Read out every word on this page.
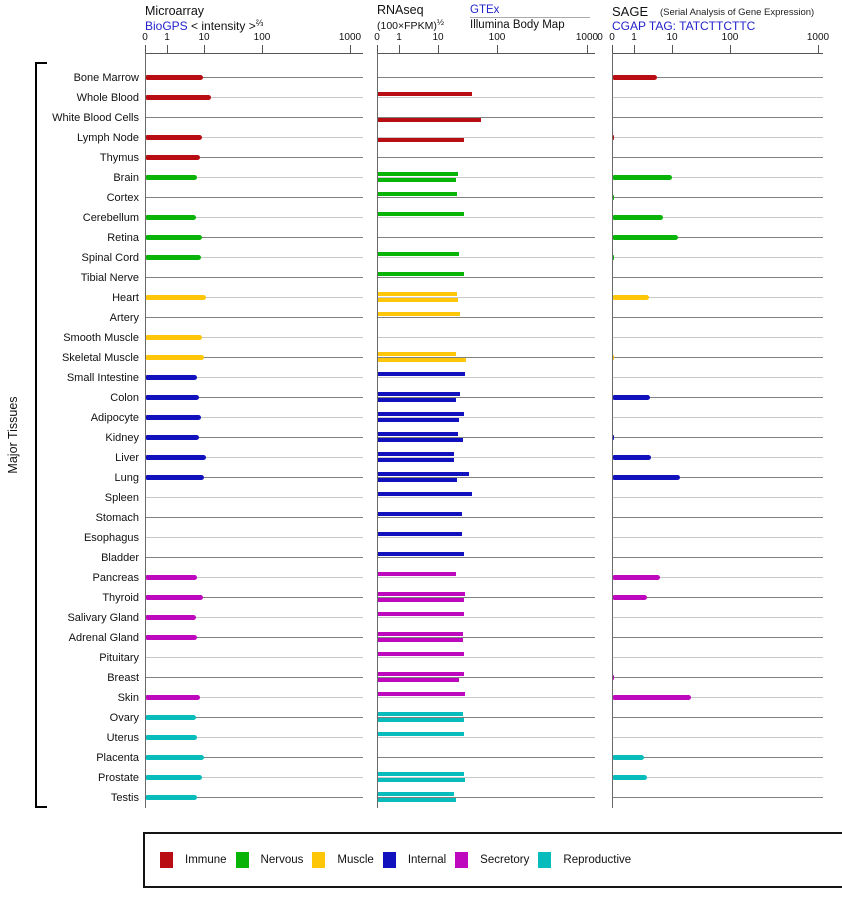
Microarray
BioGPS < intensity >$^{\frac{2}{3}}$
RNAseq
(100×FPKM)$^{\frac{1}{2}}$
GTEx
Illumina Body Map
SAGE (Serial Analysis of Gene Expression)
CGAP TAG: TATCTTCTTC
0 1	10	100	1000 0 1	10	100	1000 0 0 1	10	100	1000
Major Tissues
Bone Marrow
Whole Blood
White Blood Cells
Lymph Node
Thymus
Brain
Cortex
Cerebellum
Retina
Spinal Cord
Tibial Nerve
Heart
Artery
Smooth Muscle
Skeletal Muscle
Small Intestine
Colon
Adipocyte
Kidney
Liver
Lung
Spleen
Stomach
Esophagus
Bladder
Pancreas
Thyroid
Salivary Gland
Adrenal Gland
Pituitary
Breast
Skin
Ovary
Uterus
Placenta
Prostate
Testis
Immune	Nervous	Muscle	Internal	Secretory	Reproductive
